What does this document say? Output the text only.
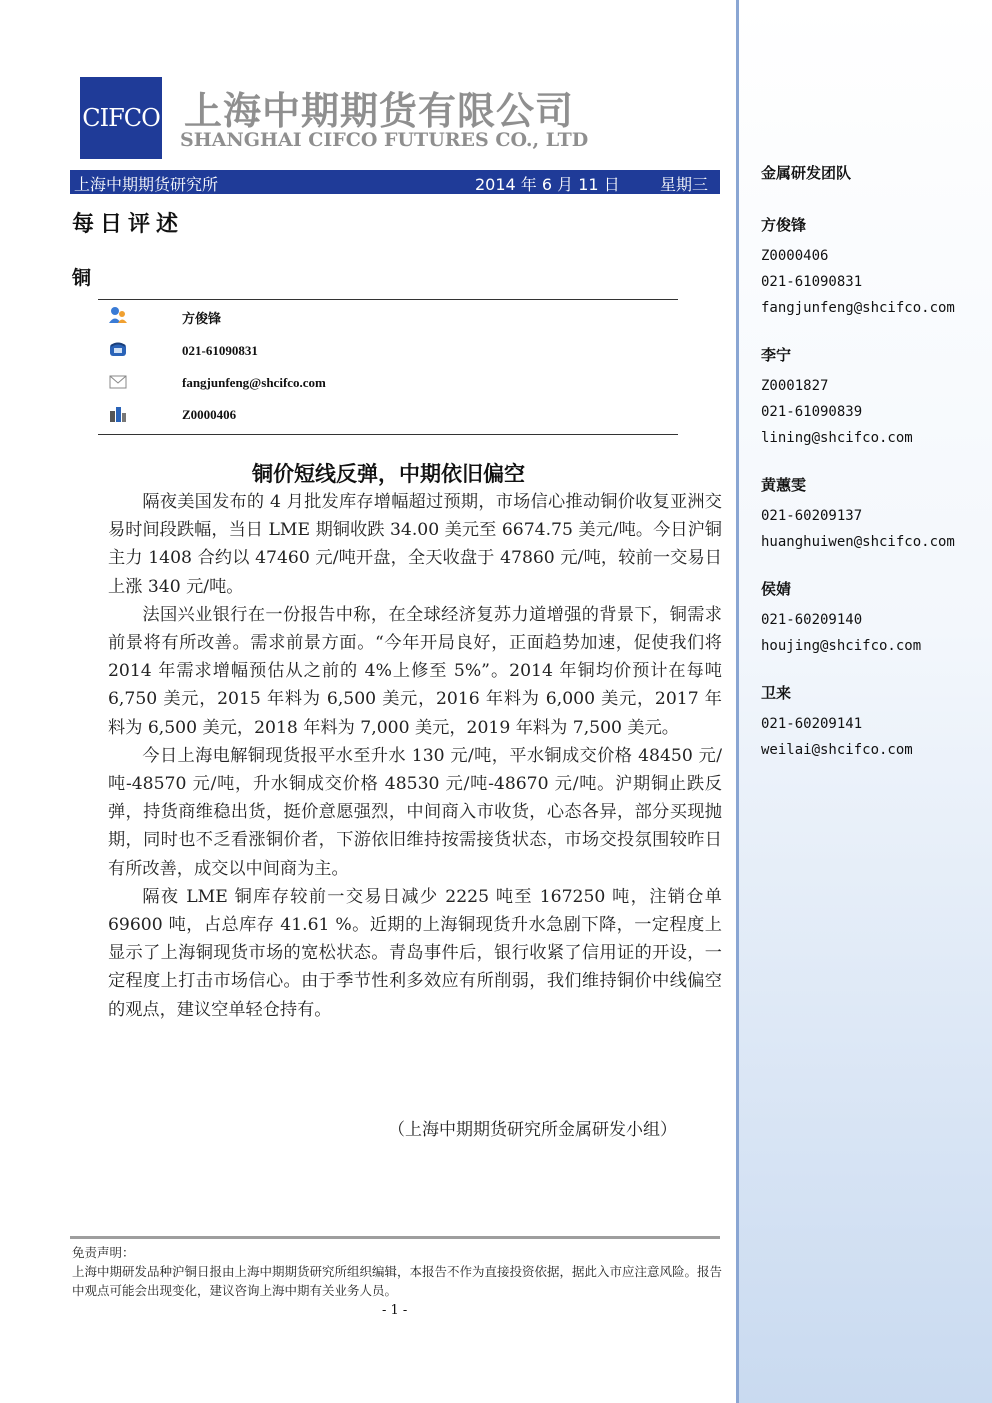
CIFCO 上海中期期货有限公司
SHANGHAI CIFCO FUTURES CO., LTD
上海中期期货研究所	2014 年 6 月 11 日	星期三
每日评述
铜
方俊锋
021-61090831
fangjunfeng@shcifco.com
Z0000406
铜价短线反弹，中期依旧偏空

隔夜美国发布的 4 月批发库存增幅超过预期，市场信心推动铜价收复亚洲交易时间段跌幅，当日 LME 期铜收跌 34.00 美元至 6674.75 美元/吨。今日沪铜主力 1408 合约以 47460 元/吨开盘，全天收盘于 47860 元/吨，较前一交易日上涨 340 元/吨。

法国兴业银行在一份报告中称，在全球经济复苏力道增强的背景下，铜需求前景将有所改善。需求前景方面。“今年开局良好，正面趋势加速，促使我们将 2014 年需求增幅预估从之前的 4%上修至 5%”。2014 年铜均价预计在每吨 6,750 美元，2015 年料为 6,500 美元，2016 年料为 6,000 美元，2017 年料为 6,500 美元，2018 年料为 7,000 美元，2019 年料为 7,500 美元。

今日上海电解铜现货报平水至升水 130 元/吨，平水铜成交价格 48450 元/吨-48570 元/吨，升水铜成交价格 48530 元/吨-48670 元/吨。沪期铜止跌反弹，持货商维稳出货，挺价意愿强烈，中间商入市收货，心态各异，部分买现抛期，同时也不乏看涨铜价者，下游依旧维持按需接货状态，市场交投氛围较昨日有所改善，成交以中间商为主。

隔夜 LME 铜库存较前一交易日减少 2225 吨至 167250 吨，注销仓单 69600 吨，占总库存 41.61 %。近期的上海铜现货升水急剧下降，一定程度上显示了上海铜现货市场的宽松状态。青岛事件后，银行收紧了信用证的开设，一定程度上打击市场信心。由于季节性利多效应有所削弱，我们维持铜价中线偏空的观点，建议空单轻仓持有。

（上海中期期货研究所金属研发小组）
免责声明：
上海中期研发品种沪铜日报由上海中期期货研究所组织编辑，本报告不作为直接投资依据，据此入市应注意风险。报告中观点可能会出现变化，建议咨询上海中期有关业务人员。
- 1 -
金属研发团队
方俊锋
Z0000406
021-61090831
fangjunfeng@shcifco.com
李宁
Z0001827
021-61090839
lining@shcifco.com
黄蕙雯
021-60209137
huanghuiwen@shcifco.com
侯婧
021-60209140
houjing@shcifco.com
卫来
021-60209141
weilai@shcifco.com
